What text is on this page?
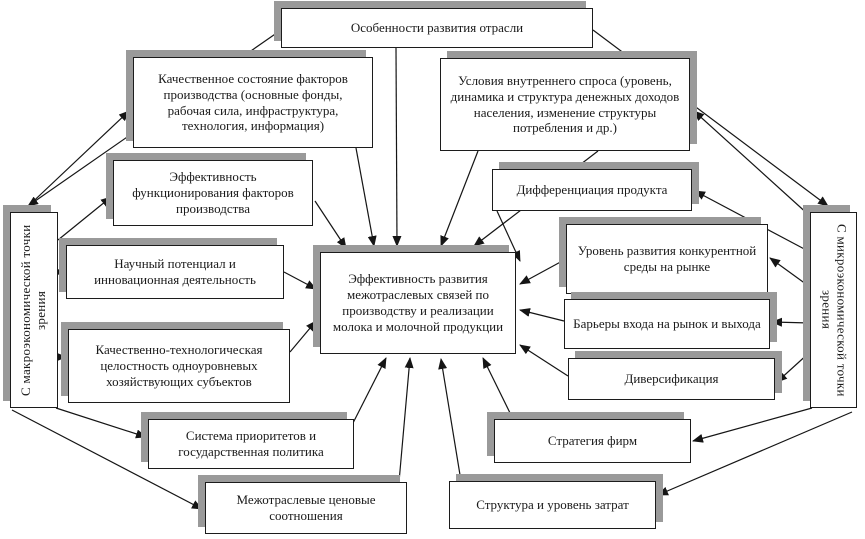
Особенности развития отрасли
Качественное состояние факторов производства (основные фонды, рабочая сила, инфраструктура, технология, информация)
Эффективность функционирования факторов производства
Научный потенциал и инновационная деятельность
Качественно-технологическая целостность одноуровневых хозяйствующих субъектов
Система приоритетов и государственная политика
Межотраслевые ценовые соотношения
Условия внутреннего спроса (уровень, динамика и структура денежных доходов населения, изменение структуры потребления и др.)
Дифференциация продукта
Уровень развития конкурентной среды на рынке
Барьеры входа на рынок и выхода
Диверсификация
Стратегия фирм
Структура и уровень затрат
Эффективность развития межотраслевых связей по производству и реализации молока и молочной продукции
С макроэкономической точки зрения	С микроэкономической точки зрения
